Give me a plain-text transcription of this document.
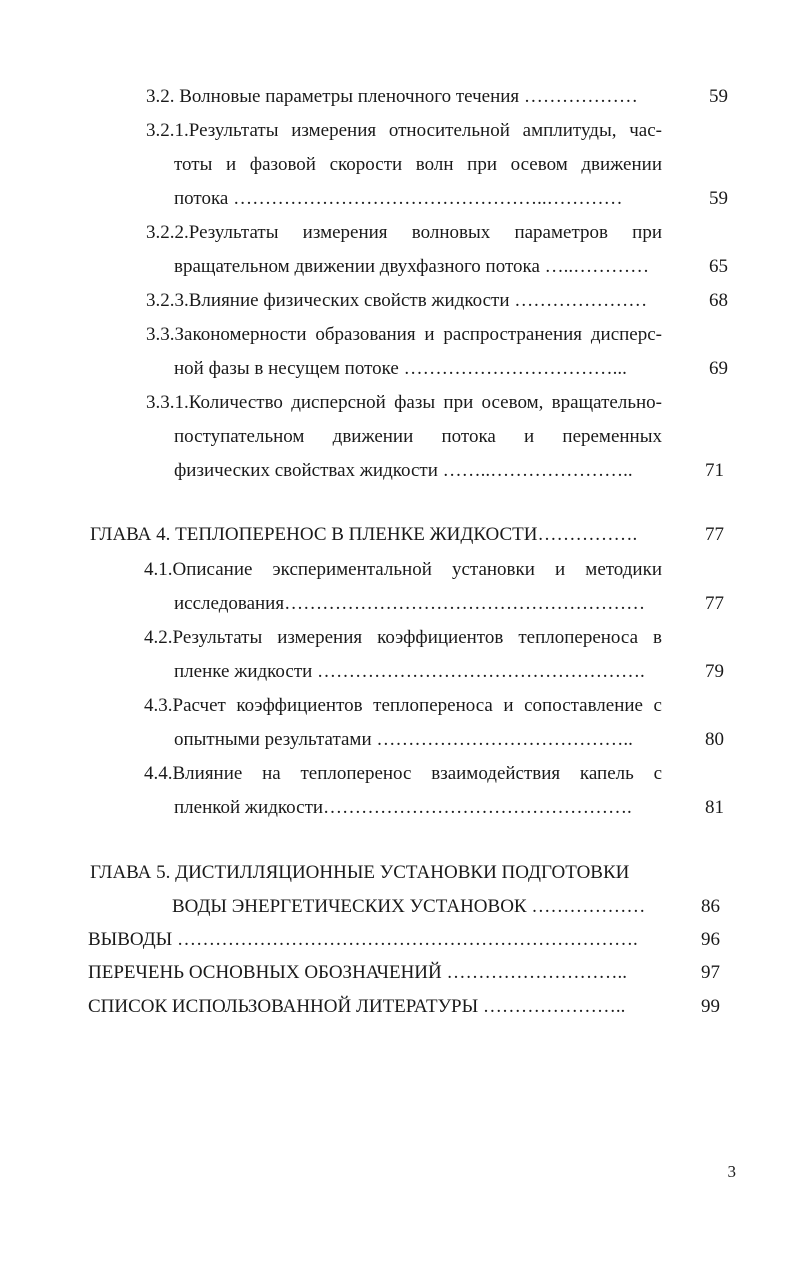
3.2. Волновые параметры пленочного течения ………………	59
3.2.1.Результаты измерения относительной амплитуды, час-
тоты и фазовой скорости волн при осевом движении
потока …………………………………………..…………	59
3.2.2.Результаты измерения волновых параметров при
вращательном движении двухфазного потока …..…………	65
3.2.3.Влияние физических свойств жидкости …………………	68
3.3.Закономерности образования и распространения дисперс-
ной фазы в несущем потоке ……………………………...	69
3.3.1.Количество дисперсной фазы при осевом, вращательно-
поступательном движении потока и переменных
физических свойствах жидкости ……..…………………..	71
ГЛАВА 4. ТЕПЛОПЕРЕНОС В ПЛЕНКЕ ЖИДКОСТИ…………….	77
4.1.Описание экспериментальной установки и методики
исследования…………………………………………………	77
4.2.Результаты измерения коэффициентов теплопереноса в
пленке жидкости …………………………………………….	79
4.3.Расчет коэффициентов теплопереноса и сопоставление с
опытными результатами …………………………………..	80
4.4.Влияние на теплоперенос взаимодействия капель с
пленкой жидкости………………………………………….	81
ГЛАВА 5. ДИСТИЛЛЯЦИОННЫЕ УСТАНОВКИ ПОДГОТОВКИ
ВОДЫ ЭНЕРГЕТИЧЕСКИХ УСТАНОВОК ………………	86
ВЫВОДЫ ……………………………………………………………….	96
ПЕРЕЧЕНЬ ОСНОВНЫХ ОБОЗНАЧЕНИЙ ………………………..	97
СПИСОК ИСПОЛЬЗОВАННОЙ ЛИТЕРАТУРЫ …………………..	99
3
